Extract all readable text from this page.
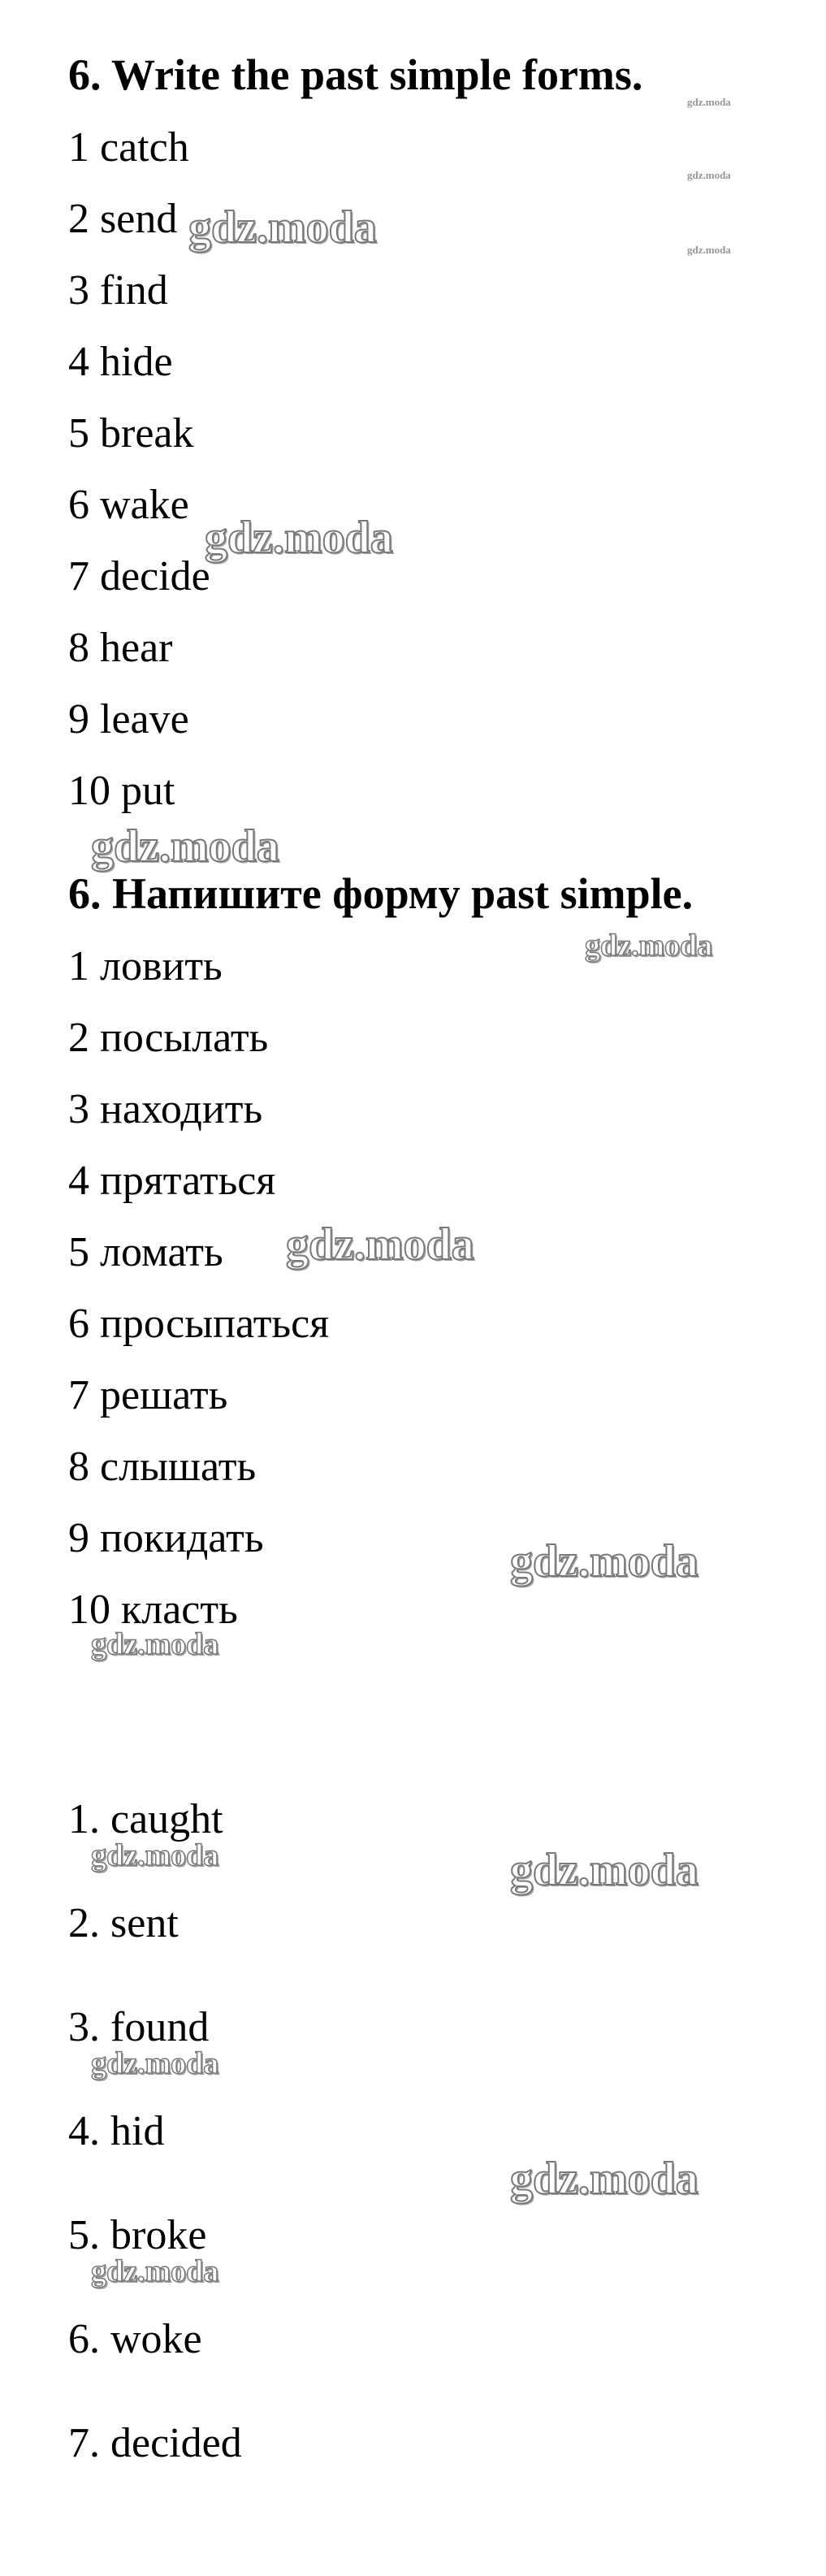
6. Write the past simple forms.
1 catch
2 send
3 find
4 hide
5 break
6 wake
7 decide
8 hear
9 leave
10 put
6. Напишите форму past simple.
1 ловить
2 посылать
3 находить
4 прятаться
5 ломать
6 просыпаться
7 решать
8 слышать
9 покидать
10 класть
1. caught
2. sent
3. found
4. hid
5. broke
6. woke
7. decided
gdz.moda
gdz.moda
gdz.moda
gdz.moda
gdz.moda
gdz.moda
gdz.moda
gdz.moda
gdz.moda
gdz.moda
gdz.moda	gdz.moda
gdz.moda
gdz.moda
gdz.moda
